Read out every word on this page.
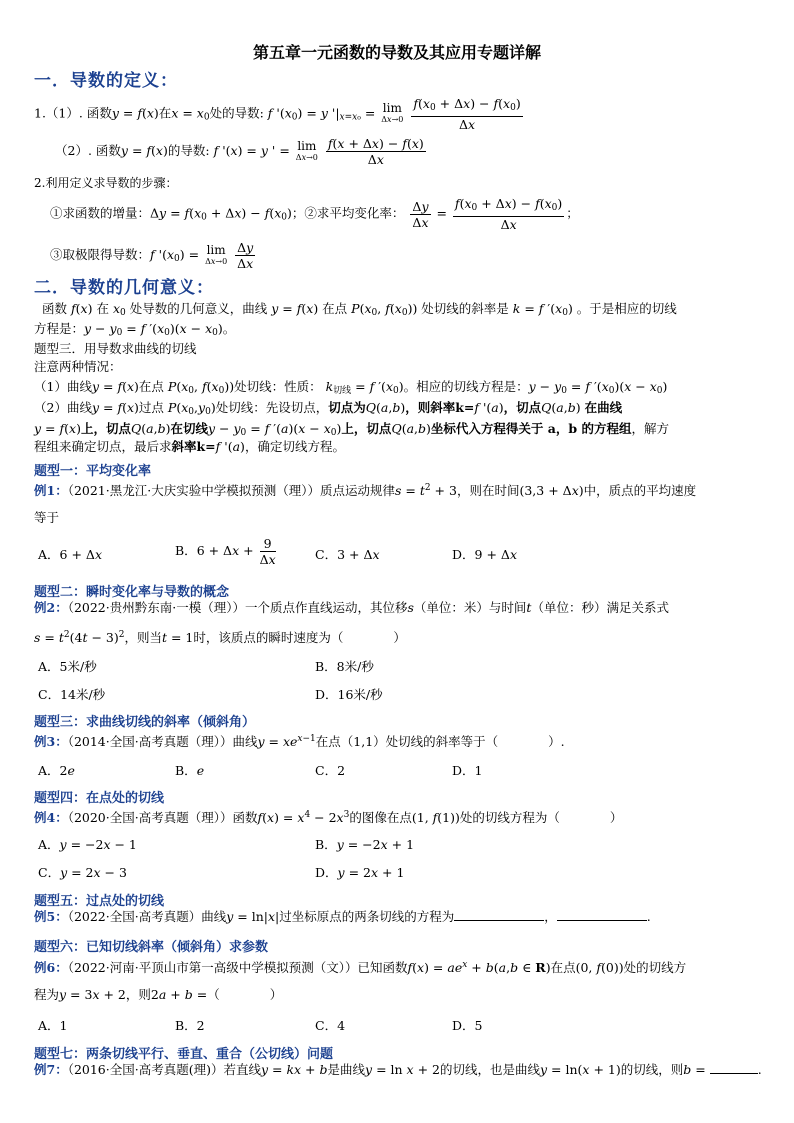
第五章一元函数的导数及其应用专题详解
一．导数的定义：
1.（1）. 函数y = f(x)在$x = x_0$处的导数: f '$(x_0) = y$ '$|_{x=x_0} = \lim$
Δx→0
$\frac{f(x_0 + \Delta x) - f(x_0)}{\Delta x}$
（2）. 函数y = f(x)的导数: f '(x) = y ' = lim
Δx→0
$\frac{f(x + \Delta x) - f(x)}{\Delta x}$
2.利用定义求导数的步骤：
①求函数的增量：$\Delta y = f(x_0 + \Delta x) - f(x_0)$；②求平均变化率： $\frac{\Delta y}{\Delta x} = \frac{f(x_0 + \Delta x) - f(x_0)}{\Delta x}$ ；
③取极限得导数：f '$(x_0) = \lim$
Δx→0
$\frac{\Delta y}{\Delta x}$
二．导数的几何意义：
函数 f(x) 在 $x_0$ 处导数的几何意义，曲线 y = f(x) 在点 $P(x_0$, $f(x_0)$) 处切线的斜率是 k = f $'(x_0)$ 。于是相应的切线
方程是：$y - y_0 = f$ $'(x_0)(x - x_0)$。
题型三．用导数求曲线的切线
注意两种情况：
（1）曲线y = f(x)在点 $P(x_0$, $f(x_0)$)处切线：性质： $k_{切线} = f$ $'(x_0)$。相应的切线方程是：$y - y_0 = f$ $'(x_0)(x - x_0)$
（2）曲线y = f(x)过点 $P(x_0,y_0)$处切线：先设切点，切点为Q(a,b)，则斜率k=f '(a)，切点Q(a,b) 在曲线
y = f(x)上，切点Q(a,b)在切线$y - y_0 = f$ $'(a)(x - x_0)$上，切点Q(a,b)坐标代入方程得关于 a，b 的方程组，解方
程组来确定切点，最后求斜率k=f '(a)，确定切线方程。
题型一：平均变化率
例1：（2021·黑龙江·大庆实验中学模拟预测（理））质点运动规律$s = t^2 + 3$，则在时间(3,3 + Δx)中，质点的平均速度
等于
A．6 + Δx	B．$6 + \Delta x + \frac{9}{\Delta x}$	C．3 + Δx	D．9 + Δx
题型二：瞬时变化率与导数的概念
例2：（2022·贵州黔东南·一模（理））一个质点作直线运动，其位移s（单位：米）与时间t（单位：秒）满足关系式
$s = t^2(4t - 3)^2$，则当t = 1时，该质点的瞬时速度为（　　　　）
A．5米/秒	B．8米/秒
C．14米/秒	D．16米/秒
题型三：求曲线切线的斜率（倾斜角）
例3：（2014·全国·高考真题（理））曲线$y = xe^{x-1}$在点（1,1）处切线的斜率等于（　　　　）.
A．2e	B．e	C．2	D．1
题型四：在点处的切线
例4：（2020·全国·高考真题（理））函数$f(x) = x^4 - 2x^3$的图像在点(1, f(1))处的切线方程为（　　　　）
A．y = −2x − 1	B．y = −2x + 1
C．y = 2x − 3	D．y = 2x + 1
题型五：过点处的切线
例5：（2022·全国·高考真题）曲线y = ln|x|过坐标原点的两条切线的方程为	，	.
题型六：已知切线斜率（倾斜角）求参数
例6：（2022·河南·平顶山市第一高级中学模拟预测（文））已知函数$f(x) = ae^x + b(a,b$ ∈ R)在点(0, f(0))处的切线方
程为y = 3x + 2，则2a + b =（　　　　）
A．1	B．2	C．4	D．5
题型七：两条切线平行、垂直、重合（公切线）问题
例7：（2016·全国·高考真题(理)）若直线y = kx + b是曲线y = ln x + 2的切线，也是曲线y = ln(x + 1)的切线，则b =	.
